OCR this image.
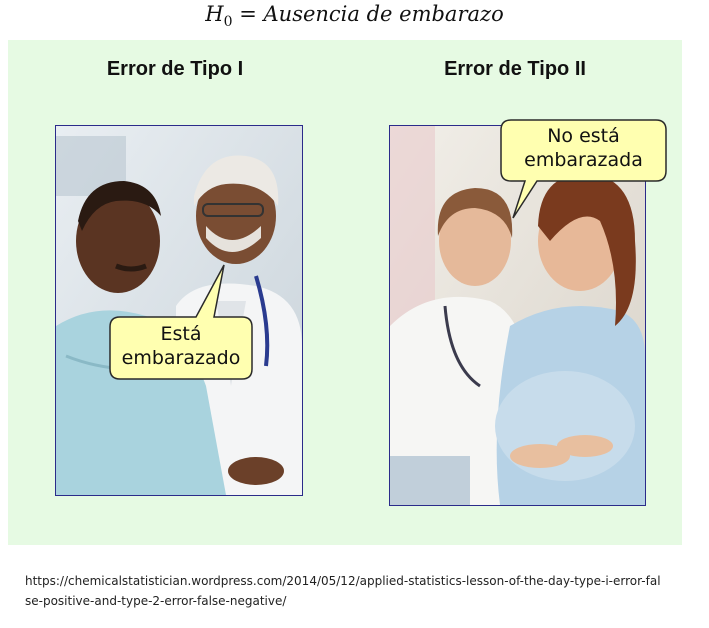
$H_0$ = Ausencia de embarazo
Error de Tipo I
Está
embarazado
Error de Tipo II
No está
embarazada
https://chemicalstatistician.wordpress.com/2014/05/12/applied-statistics-lesson-of-the-day-type-i-error-false-positive-and-type-2-error-false-negative/
